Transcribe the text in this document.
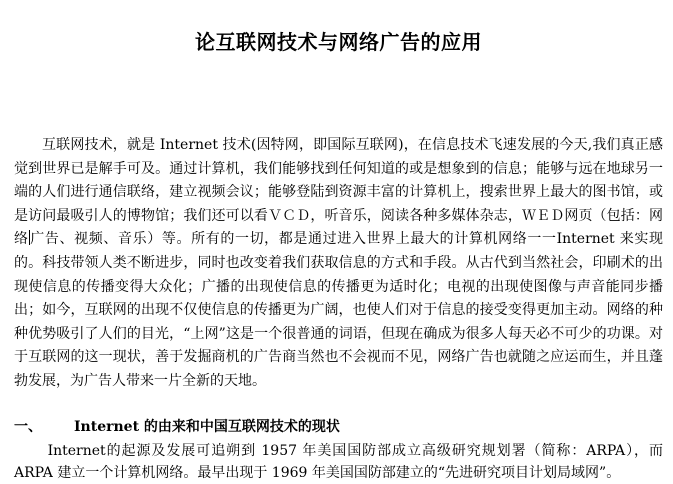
论互联网技术与网络广告的应用

互联网技术，就是 Internet 技术(因特网，即国际互联网)，在信息技术飞速发展的今天,我们真正感觉到世界已是解手可及。通过计算机，我们能够找到任何知道的或是想象到的信息；能够与远在地球另一端的人们进行通信联络，建立视频会议；能够登陆到资源丰富的计算机上，搜索世界上最大的图书馆，或是访问最吸引人的博物馆；我们还可以看ＶＣＤ，听音乐，阅读各种多媒体杂志，ＷＥＤ网页（包括：网络广告、视频、音乐）等。所有的一切，都是通过进入世界上最大的计算机网络一一Internet 来实现的。科技带领人类不断进步，同时也改变着我们获取信息的方式和手段。从古代到当然社会，印刷术的出现使信息的传播变得大众化；广播的出现使信息的传播更为适时化；电视的出现使图像与声音能同步播出；如今，互联网的出现不仅使信息的传播更为广阔，也使人们对于信息的接受变得更加主动。网络的种种优势吸引了人们的目光，“上网”这是一个很普通的词语，但现在确成为很多人每天必不可少的功课。对于互联网的这一现状，善于发掘商机的广告商当然也不会视而不见，网络广告也就随之应运而生，并且蓬勃发展，为广告人带来一片全新的天地。

一、 Internet 的由来和中国互联网技术的现状

Internet的起源及发展可追朔到 1957 年美国国防部成立高级研究规划署（简称：ARPA），而 ARPA 建立一个计算机网络。最早出现于 1969 年美国国防部建立的“先进研究项目计划局域网”。
